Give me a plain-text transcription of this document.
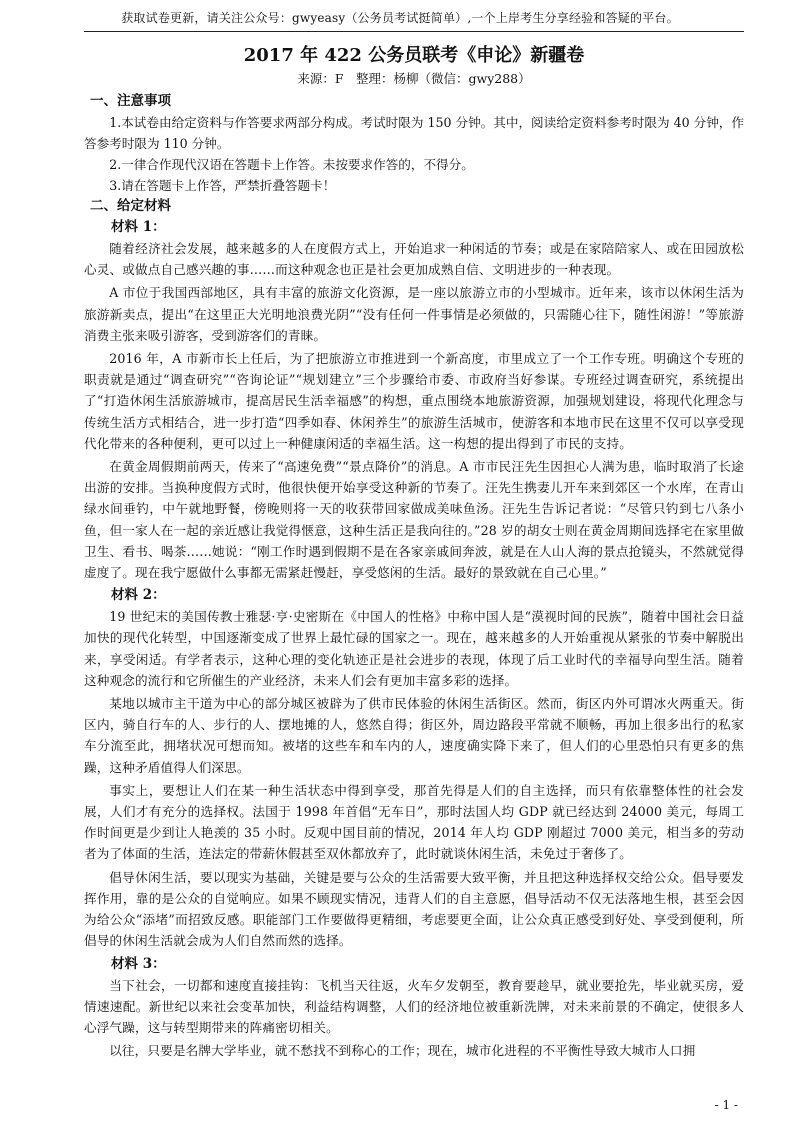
获取试卷更新，请关注公众号：gwyeasy（公务员考试挺简单）,一个上岸考生分享经验和答疑的平台。
2017 年 422 公务员联考《申论》新疆卷

来源：F　整理：杨柳（微信：gwy288）

一、注意事项

1.本试卷由给定资料与作答要求两部分构成。考试时限为 150 分钟。其中，阅读给定资料参考时限为 40 分钟，作答参考时限为 110 分钟。

2.一律合作现代汉语在答题卡上作答。未按要求作答的，不得分。

3.请在答题卡上作答，严禁折叠答题卡！

二、给定材料

材料 1：

随着经济社会发展，越来越多的人在度假方式上，开始追求一种闲适的节奏；或是在家陪陪家人、或在田园放松心灵、或做点自己感兴趣的事……而这种观念也正是社会更加成熟自信、文明进步的一种表现。

A 市位于我国西部地区，具有丰富的旅游文化资源，是一座以旅游立市的小型城市。近年来，该市以休闲生活为旅游新卖点，提出“在这里正大光明地浪费光阴”“没有任何一件事情是必须做的，只需随心往下，随性闲游！”等旅游消费主张来吸引游客，受到游客们的青睐。

2016 年，A 市新市长上任后，为了把旅游立市推进到一个新高度，市里成立了一个工作专班。明确这个专班的职责就是通过“调查研究”“咨询论证”“规划建立”三个步骤给市委、市政府当好参谋。专班经过调查研究，系统提出了“打造休闲生活旅游城市，提高居民生活幸福感”的构想，重点围绕本地旅游资源，加强规划建设，将现代化理念与传统生活方式相结合，进一步打造“四季如春、休闲养生”的旅游生活城市，使游客和本地市民在这里不仅可以享受现代化带来的各种便利，更可以过上一种健康闲适的幸福生活。这一构想的提出得到了市民的支持。

在黄金周假期前两天，传来了“高速免费”“景点降价”的消息。A 市市民汪先生因担心人满为患，临时取消了长途出游的安排。当换种度假方式时，他很快便开始享受这种新的节奏了。汪先生携妻儿开车来到郊区一个水库，在青山绿水间垂钓，中午就地野餐，傍晚则将一天的收获带回家做成美味鱼汤。汪先生告诉记者说：“尽管只钓到七八条小鱼，但一家人在一起的亲近感让我觉得惬意，这种生活正是我向往的。”28 岁的胡女士则在黄金周期间选择宅在家里做卫生、看书、喝茶……她说：“刚工作时遇到假期不是在各家亲戚间奔波，就是在人山人海的景点抢镜头，不然就觉得虚度了。现在我宁愿做什么事都无需紧赶慢赶，享受悠闲的生活。最好的景致就在自己心里。”

材料 2：

19 世纪末的美国传教士雅瑟·亨·史密斯在《中国人的性格》中称中国人是“漠视时间的民族”，随着中国社会日益加快的现代化转型，中国逐渐变成了世界上最忙碌的国家之一。现在，越来越多的人开始重视从紧张的节奏中解脱出来，享受闲适。有学者表示，这种心理的变化轨迹正是社会进步的表现，体现了后工业时代的幸福导向型生活。随着这种观念的流行和它所催生的产业经济，未来人们会有更加丰富多彩的选择。

某地以城市主干道为中心的部分城区被辟为了供市民体验的休闲生活街区。然而，街区内外可谓冰火两重天。街区内，骑自行车的人、步行的人、摆地摊的人，悠然自得；街区外，周边路段平常就不顺畅，再加上很多出行的私家车分流至此，拥堵状况可想而知。被堵的这些车和车内的人，速度确实降下来了，但人们的心里恐怕只有更多的焦躁，这种矛盾值得人们深思。

事实上，要想让人们在某一种生活状态中得到享受，那首先得是人们的自主选择，而只有依靠整体性的社会发展，人们才有充分的选择权。法国于 1998 年首倡“无车日”，那时法国人均 GDP 就已经达到 24000 美元，每周工作时间更是少到让人艳羡的 35 小时。反观中国目前的情况，2014 年人均 GDP 刚超过 7000 美元，相当多的劳动者为了体面的生活，连法定的带薪休假甚至双休都放弃了，此时就谈休闲生活，未免过于奢侈了。

倡导休闲生活，要以现实为基础，关键是要与公众的生活需要大致平衡，并且把这种选择权交给公众。倡导要发挥作用，靠的是公众的自觉响应。如果不顾现实情况，违背人们的自主意愿，倡导活动不仅无法落地生根，甚至会因为给公众“添堵”而招致反感。职能部门工作要做得更精细，考虑要更全面，让公众真正感受到好处、享受到便利，所倡导的休闲生活就会成为人们自然而然的选择。

材料 3：

当下社会，一切都和速度直接挂钩：飞机当天往返，火车夕发朝至，教育要趁早，就业要抢先，毕业就买房，爱情速速配。新世纪以来社会变革加快，利益结构调整，人们的经济地位被重新洗牌，对未来前景的不确定，使很多人心浮气躁，这与转型期带来的阵痛密切相关。

以往，只要是名牌大学毕业，就不愁找不到称心的工作；现在，城市化进程的不平衡性导致大城市人口拥

- 1 -
